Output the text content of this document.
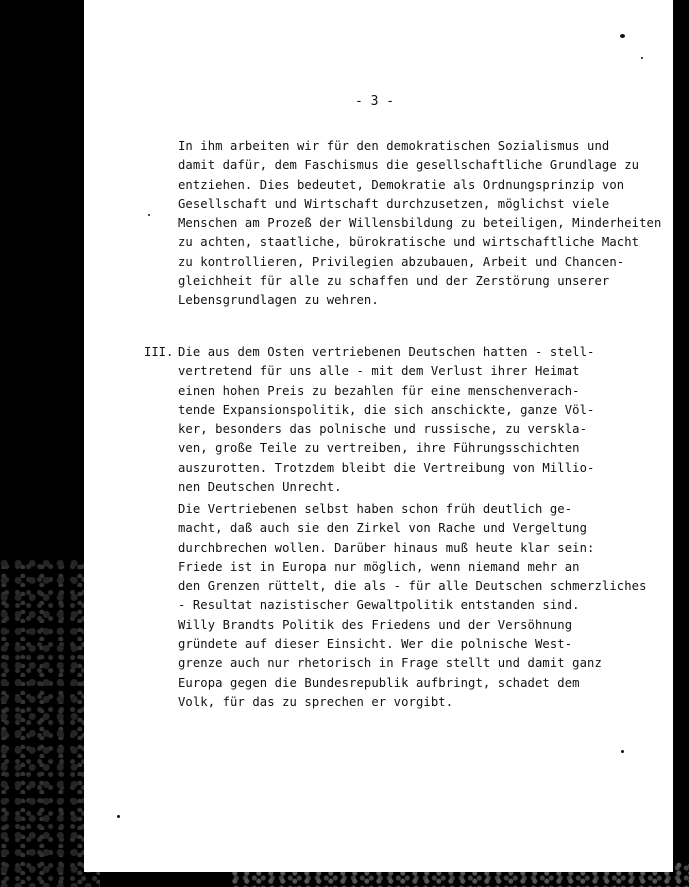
- 3 -
In ihm arbeiten wir für den demokratischen Sozialismus und
damit dafür, dem Faschismus die gesellschaftliche Grundlage zu
entziehen. Dies bedeutet, Demokratie als Ordnungsprinzip von
Gesellschaft und Wirtschaft durchzusetzen, möglichst viele
Menschen am Prozeß der Willensbildung zu beteiligen, Minderheiten
zu achten, staatliche, bürokratische und wirtschaftliche Macht
zu kontrollieren, Privilegien abzubauen, Arbeit und Chancen-
gleichheit für alle zu schaffen und der Zerstörung unserer
Lebensgrundlagen zu wehren.
III. Die aus dem Osten vertriebenen Deutschen hatten - stell-
vertretend für uns alle - mit dem Verlust ihrer Heimat
einen hohen Preis zu bezahlen für eine menschenverach-
tende Expansionspolitik, die sich anschickte, ganze Völ-
ker, besonders das polnische und russische, zu verskla-
ven, große Teile zu vertreiben, ihre Führungsschichten
auszurotten. Trotzdem bleibt die Vertreibung von Millio-
nen Deutschen Unrecht.
Die Vertriebenen selbst haben schon früh deutlich ge-
macht, daß auch sie den Zirkel von Rache und Vergeltung
durchbrechen wollen. Darüber hinaus muß heute klar sein:
Friede ist in Europa nur möglich, wenn niemand mehr an
den Grenzen rüttelt, die als - für alle Deutschen schmerzliches
- Resultat nazistischer Gewaltpolitik entstanden sind.
Willy Brandts Politik des Friedens und der Versöhnung
gründete auf dieser Einsicht. Wer die polnische West-
grenze auch nur rhetorisch in Frage stellt und damit ganz
Europa gegen die Bundesrepublik aufbringt, schadet dem
Volk, für das zu sprechen er vorgibt.
